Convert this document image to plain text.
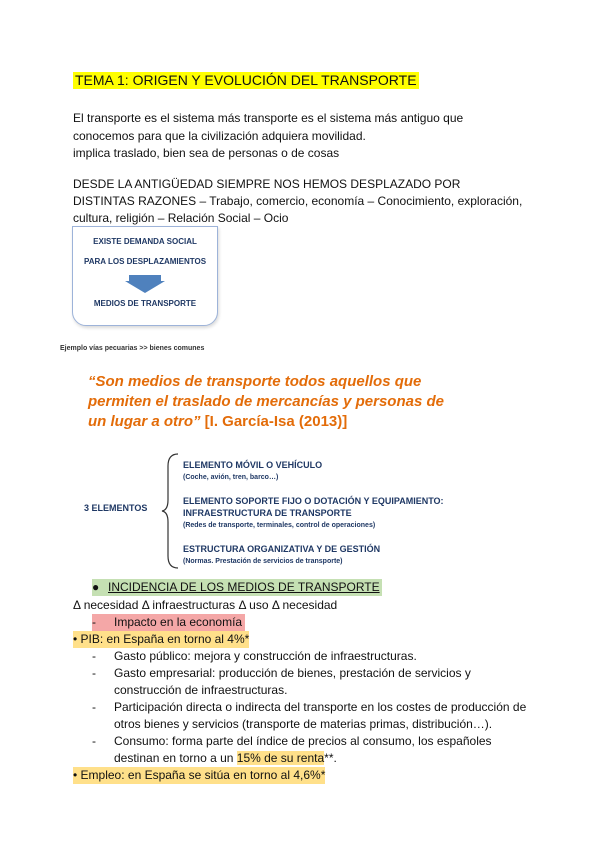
TEMA 1: ORIGEN Y EVOLUCIÓN DEL TRANSPORTE
El transporte es el sistema más transporte es el sistema más antiguo que
conocemos para que la civilización adquiera movilidad.
implica traslado, bien sea de personas o de cosas
DESDE LA ANTIGÜEDAD SIEMPRE NOS HEMOS DESPLAZADO POR
DISTINTAS RAZONES – Trabajo, comercio, economía – Conocimiento, exploración,
cultura, religión – Relación Social – Ocio
EXISTE DEMANDA SOCIAL
PARA LOS DESPLAZAMIENTOS
MEDIOS DE TRANSPORTE
Ejemplo vías pecuarias >> bienes comunes
“Son medios de transporte todos aquellos que
permiten el traslado de mercancías y personas de
un lugar a otro” [I. García-Isa (2013)]
3 ELEMENTOS
ELEMENTO MÓVIL O VEHÍCULO
(Coche, avión, tren, barco…)
ELEMENTO SOPORTE FIJO O DOTACIÓN Y EQUIPAMIENTO:
INFRAESTRUCTURA DE TRANSPORTE
(Redes de transporte, terminales, control de operaciones)
ESTRUCTURA ORGANIZATIVA Y DE GESTIÓN
(Normas. Prestación de servicios de transporte)
● INCIDENCIA DE LOS MEDIOS DE TRANSPORTE
Δ necesidad Δ infraestructuras Δ uso Δ necesidad
- Impacto en la economía
• PIB: en España en torno al 4%*
- Gasto público: mejora y construcción de infraestructuras.
- Gasto empresarial: producción de bienes, prestación de servicios y
construcción de infraestructuras.
- Participación directa o indirecta del transporte en los costes de producción de
otros bienes y servicios (transporte de materias primas, distribución…).
- Consumo: forma parte del índice de precios al consumo, los españoles
destinan en torno a un 15% de su renta**.
• Empleo: en España se sitúa en torno al 4,6%*
